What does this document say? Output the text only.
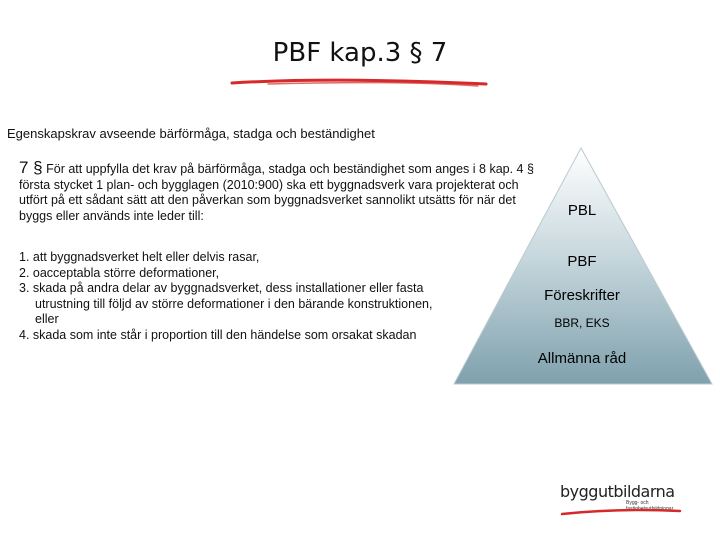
PBF kap.3 § 7
Egenskapskrav avseende bärförmåga, stadga och beständighet
7 § För att uppfylla det krav på bärförmåga, stadga och beständighet som anges i 8 kap. 4 § första stycket 1 plan- och bygglagen (2010:900) ska ett byggnadsverk vara projekterat och utfört på ett sådant sätt att den påverkan som byggnadsverket sannolikt utsätts för när det byggs eller används inte leder till:
1. att byggnadsverket helt eller delvis rasar,
2. oacceptabla större deformationer,
3. skada på andra delar av byggnadsverket, dess installationer eller fasta utrustning till följd av större deformationer i den bärande konstruktionen, eller
4. skada som inte står i proportion till den händelse som orsakat skadan
PBL
PBF
Föreskrifter
BBR, EKS
Allmänna råd
byggutbildarna
Bygg- och fastighetsutbildningar
